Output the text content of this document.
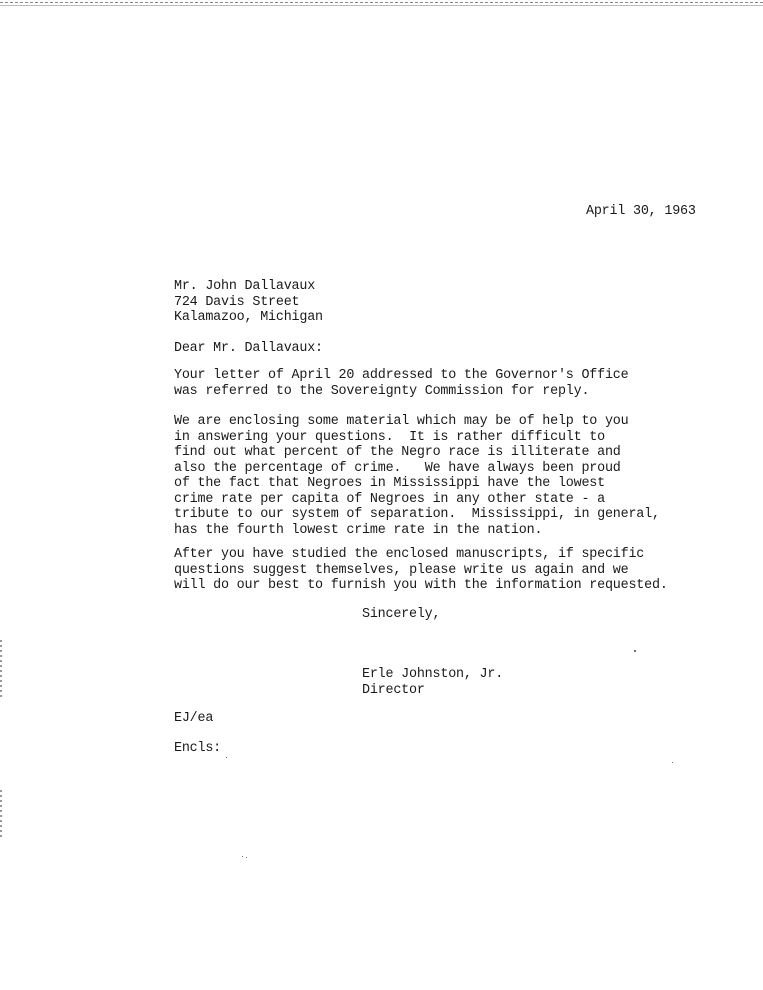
April 30, 1963
Mr. John Dallavaux
724 Davis Street
Kalamazoo, Michigan
Dear Mr. Dallavaux:
Your letter of April 20 addressed to the Governor's Office
was referred to the Sovereignty Commission for reply.
We are enclosing some material which may be of help to you
in answering your questions.  It is rather difficult to
find out what percent of the Negro race is illiterate and
also the percentage of crime.   We have always been proud
of the fact that Negroes in Mississippi have the lowest
crime rate per capita of Negroes in any other state - a
tribute to our system of separation.  Mississippi, in general,
has the fourth lowest crime rate in the nation.
After you have studied the enclosed manuscripts, if specific
questions suggest themselves, please write us again and we
will do our best to furnish you with the information requested.
Sincerely,
Erle Johnston, Jr.
Director
EJ/ea
Encls:
